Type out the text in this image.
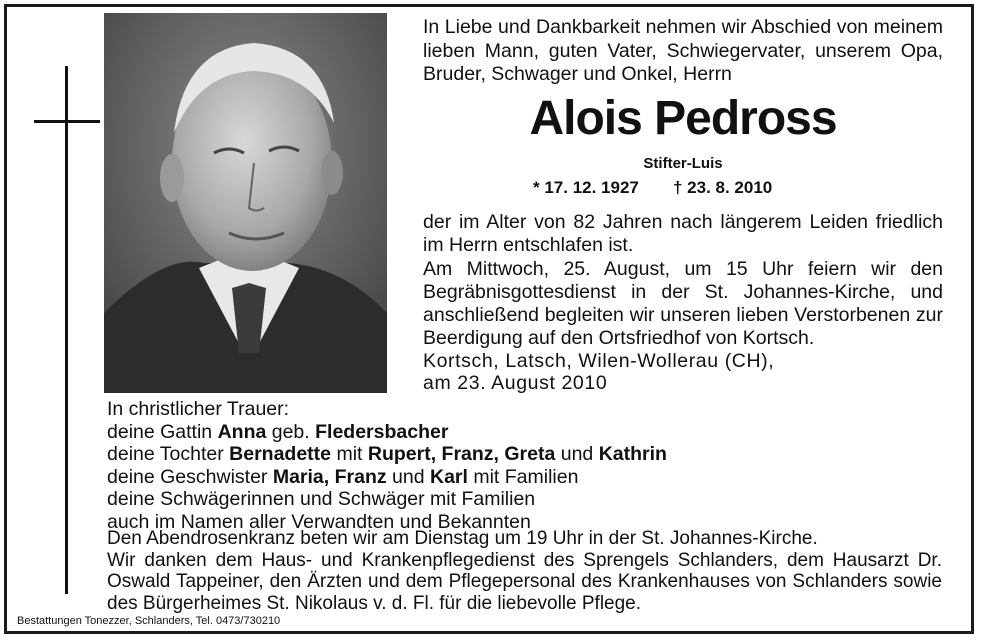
In Liebe und Dankbarkeit nehmen wir Abschied von meinem lieben Mann, guten Vater, Schwiegervater, unserem Opa, Bruder, Schwager und Onkel, Herrn
Alois Pedross
Stifter-Luis
* 17. 12. 1927 † 23. 8. 2010
der im Alter von 82 Jahren nach längerem Leiden friedlich im Herrn entschlafen ist.
Am Mittwoch, 25. August, um 15 Uhr feiern wir den Begräbnisgottesdienst in der St. Johannes-Kirche, und anschließend begleiten wir unseren lieben Verstorbenen zur Beerdigung auf den Ortsfriedhof von Kortsch.
Kortsch, Latsch, Wilen-Wollerau (CH),
am 23. August 2010
In christlicher Trauer:
deine Gattin Anna geb. Fledersbacher
deine Tochter Bernadette mit Rupert, Franz, Greta und Kathrin
deine Geschwister Maria, Franz und Karl mit Familien
deine Schwägerinnen und Schwäger mit Familien
auch im Namen aller Verwandten und Bekannten
Den Abendrosenkranz beten wir am Dienstag um 19 Uhr in der St. Johannes-Kirche.
Wir danken dem Haus- und Krankenpflegedienst des Sprengels Schlanders, dem Hausarzt Dr. Oswald Tappeiner, den Ärzten und dem Pflegepersonal des Krankenhauses von Schlanders sowie des Bürgerheimes St. Nikolaus v. d. Fl. für die liebevolle Pflege.
Bestattungen Tonezzer, Schlanders, Tel. 0473/730210
